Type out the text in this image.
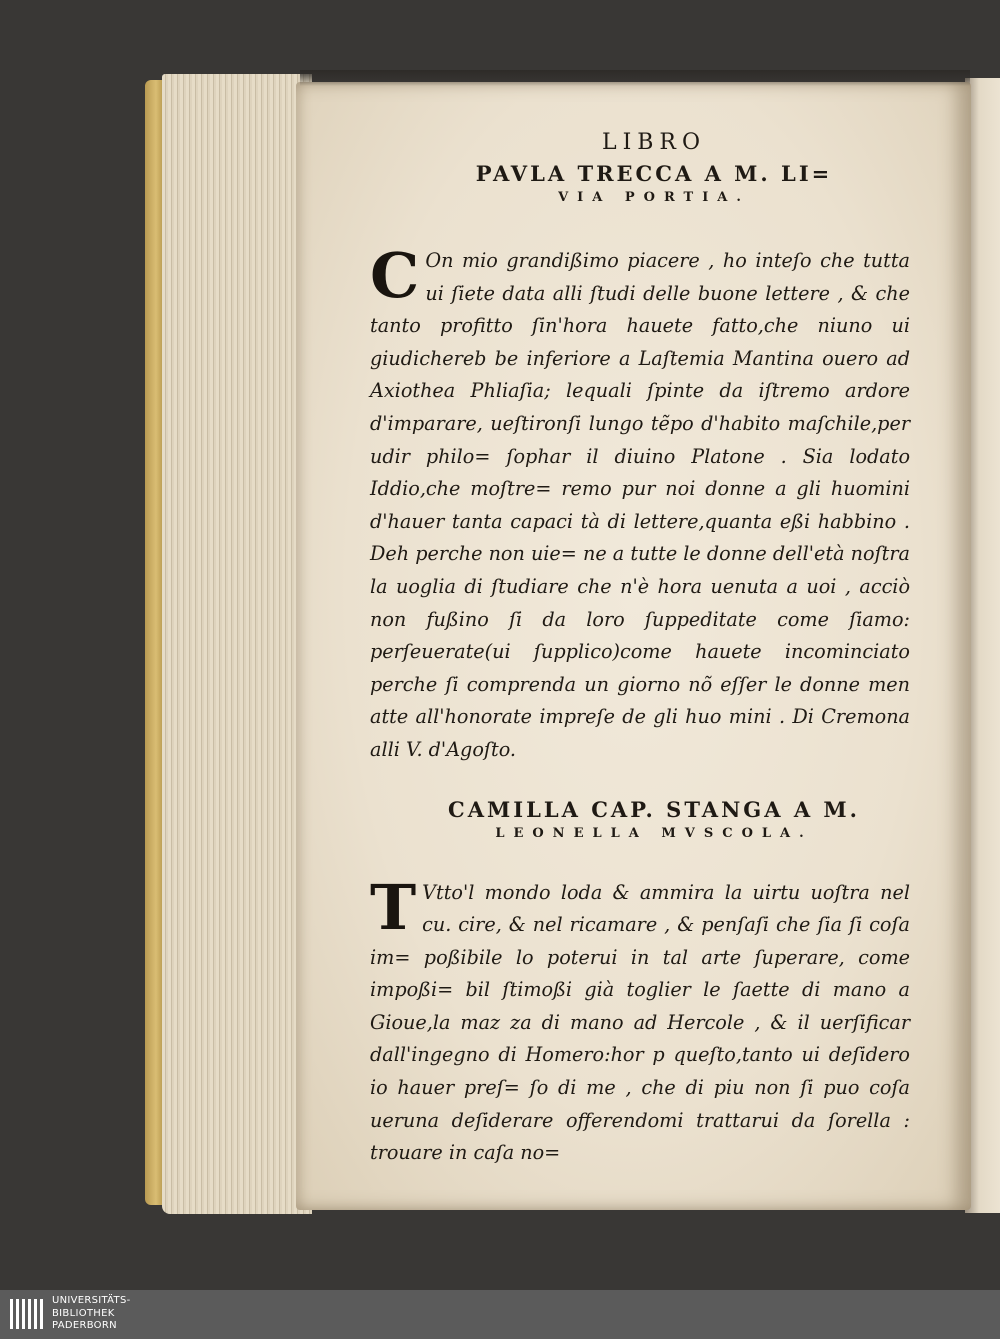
LIBRO
PAVLA TRECCA A M. LI=
VIA PORTIA.
C On mio grandißimo piacere , ho inteſo che tutta ui ſiete data alli ſtudi delle buone lettere , & che tanto profitto ſin'hora hauete fatto,che niuno ui giudichereb be inferiore a Laſtemia Mantina ouero ad Axiothea Phliaſia; lequali ſpinte da iſtremo ardore d'imparare, ueſtironſi lungo tẽpo d'habito maſchile,per udir philo= ſophar il diuino Platone . Sia lodato Iddio,che moſtre= remo pur noi donne a gli huomini d'hauer tanta capaci tà di lettere,quanta eßi habbino . Deh perche non uie= ne a tutte le donne dell'età noſtra la uoglia di ſtudiare che n'è hora uenuta a uoi , acciò non fußino ſi da loro ſuppeditate come ſiamo: perſeuerate(ui ſupplico)come hauete incominciato perche ſi comprenda un giorno nõ eſſer le donne men atte all'honorate impreſe de gli huo mini . Di Cremona alli V. d'Agoſto.

CAMILLA CAP. STANGA A M.
LEONELLA MVSCOLA.
T Vtto'l mondo loda & ammira la uirtu uoſtra nel cu. cire, & nel ricamare , & penſaſi che ſia ſi coſa im= poßibile lo poterui in tal arte ſuperare, come impoßi= bil ſtimoßi già toglier le ſaette di mano a Gioue,la maz za di mano ad Hercole , & il uerſificar dall'ingegno di Homero:hor p queſto,tanto ui deſidero io hauer preſ= ſo di me , che di piu non ſi puo coſa ueruna deſiderare offerendomi trattarui da ſorella : trouare in caſa no=

UNIVERSITÄTS-
BIBLIOTHEK
PADERBORN
